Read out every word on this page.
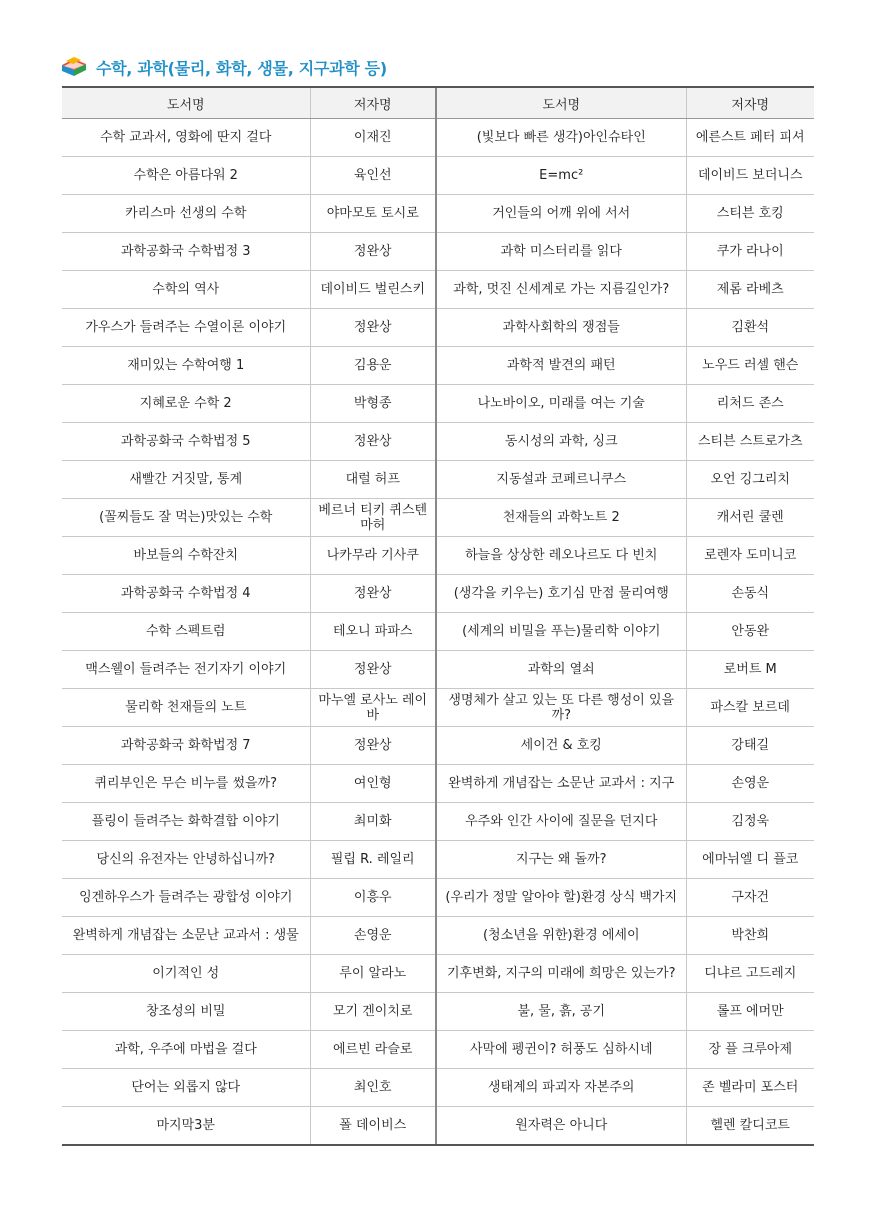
수학, 과학(물리, 화학, 생물, 지구과학 등)
도서명	저자명	도서명	저자명
수학 교과서, 영화에 딴지 걸다	이재진	(빛보다 빠른 생각)아인슈타인	에른스트 페터 피셔
수학은 아름다워 2	육인선	E=mc²	데이비드 보더니스
카리스마 선생의 수학	야마모토 토시로	거인들의 어깨 위에 서서	스티븐 호킹
과학공화국 수학법정 3	정완상	과학 미스터리를 읽다	쿠가 라나이
수학의 역사	데이비드 벌린스키	과학, 멋진 신세계로 가는 지름길인가?	제롬 라베츠
가우스가 들려주는 수열이론 이야기	정완상	과학사회학의 쟁점들	김환석
재미있는 수학여행 1	김용운	과학적 발견의 패턴	노우드 러셀 핸슨
지혜로운 수학 2	박형종	나노바이오, 미래를 여는 기술	리처드 존스
과학공화국 수학법정 5	정완상	동시성의 과학, 싱크	스티븐 스트로가츠
새빨간 거짓말, 통계	대럴 허프	지동설과 코페르니쿠스	오언 깅그리치
(꼴찌들도 잘 먹는)맛있는 수학	베르너 티키 퀴스텐마허	천재들의 과학노트 2	캐서린 쿨렌
바보들의 수학잔치	나카무라 기사쿠	하늘을 상상한 레오나르도 다 빈치	로렌자 도미니코
과학공화국 수학법정 4	정완상	(생각을 키우는) 호기심 만점 물리여행	손동식
수학 스펙트럼	테오니 파파스	(세계의 비밀을 푸는)물리학 이야기	안동완
맥스웰이 들려주는 전기자기 이야기	정완상	과학의 열쇠	로버트 M
물리학 천재들의 노트	마누엘 로사노 레이바	생명체가 살고 있는 또 다른 행성이 있을까?	파스칼 보르데
과학공화국 화학법정 7	정완상	세이건 & 호킹	강태길
퀴리부인은 무슨 비누를 썼을까?	여인형	완벽하게 개념잡는 소문난 교과서 : 지구	손영운
플링이 들려주는 화학결합 이야기	최미화	우주와 인간 사이에 질문을 던지다	김정욱
당신의 유전자는 안녕하십니까?	필립 R. 레일리	지구는 왜 돌까?	에마뉘엘 디 플코
잉겐하우스가 들려주는 광합성 이야기	이흥우	(우리가 정말 알아야 할)환경 상식 백가지	구자건
완벽하게 개념잡는 소문난 교과서 : 생물	손영운	(청소년을 위한)환경 에세이	박찬희
이기적인 성	루이 알라노	기후변화, 지구의 미래에 희망은 있는가?	디냐르 고드레지
창조성의 비밀	모기 겐이치로	불, 물, 흙, 공기	롤프 에머만
과학, 우주에 마법을 걸다	에르빈 라슬로	사막에 펭귄이? 허풍도 심하시네	장 플 크루아제
단어는 외롭지 않다	최인호	생태계의 파괴자 자본주의	존 벨라미 포스터
마지막3분	폴 데이비스	원자력은 아니다	헬렌 칼디코트
